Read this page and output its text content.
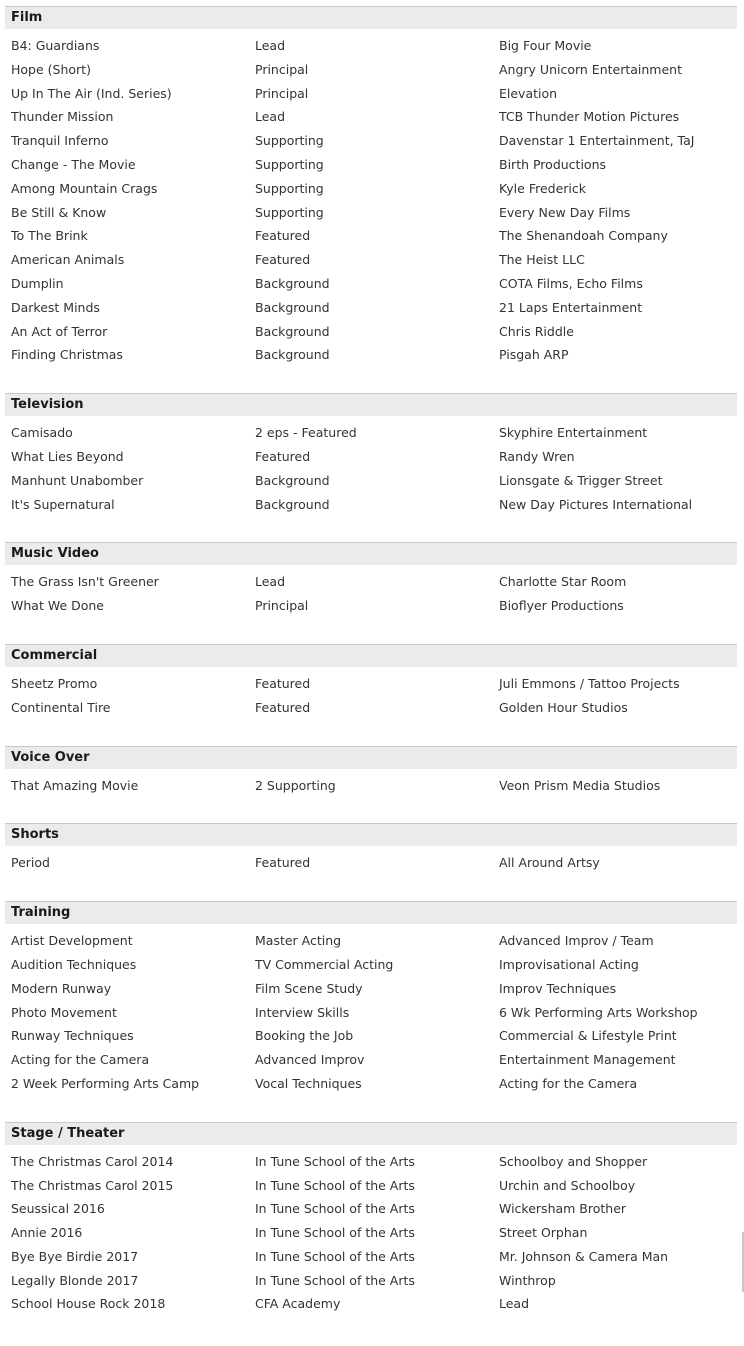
Film
B4: Guardians	Lead	Big Four Movie
Hope (Short)	Principal	Angry Unicorn Entertainment
Up In The Air (Ind. Series)	Principal	Elevation
Thunder Mission	Lead	TCB Thunder Motion Pictures
Tranquil Inferno	Supporting	Davenstar 1 Entertainment, TaJ
Change - The Movie	Supporting	Birth Productions
Among Mountain Crags	Supporting	Kyle Frederick
Be Still & Know	Supporting	Every New Day Films
To The Brink	Featured	The Shenandoah Company
American Animals	Featured	The Heist LLC
Dumplin	Background	COTA Films, Echo Films
Darkest Minds	Background	21 Laps Entertainment
An Act of Terror	Background	Chris Riddle
Finding Christmas	Background	Pisgah ARP
Television
Camisado	2 eps - Featured	Skyphire Entertainment
What Lies Beyond	Featured	Randy Wren
Manhunt Unabomber	Background	Lionsgate & Trigger Street
It's Supernatural	Background	New Day Pictures International
Music Video
The Grass Isn't Greener	Lead	Charlotte Star Room
What We Done	Principal	Bioflyer Productions
Commercial
Sheetz Promo	Featured	Juli Emmons / Tattoo Projects
Continental Tire	Featured	Golden Hour Studios
Voice Over
That Amazing Movie	2 Supporting	Veon Prism Media Studios
Shorts
Period	Featured	All Around Artsy
Training
Artist Development	Master Acting	Advanced Improv / Team
Audition Techniques	TV Commercial Acting	Improvisational Acting
Modern Runway	Film Scene Study	Improv Techniques
Photo Movement	Interview Skills	6 Wk Performing Arts Workshop
Runway Techniques	Booking the Job	Commercial & Lifestyle Print
Acting for the Camera	Advanced Improv	Entertainment Management
2 Week Performing Arts Camp	Vocal Techniques	Acting for the Camera
Stage / Theater
The Christmas Carol 2014	In Tune School of the Arts	Schoolboy and Shopper
The Christmas Carol 2015	In Tune School of the Arts	Urchin and Schoolboy
Seussical 2016	In Tune School of the Arts	Wickersham Brother
Annie 2016	In Tune School of the Arts	Street Orphan
Bye Bye Birdie 2017	In Tune School of the Arts	Mr. Johnson & Camera Man
Legally Blonde 2017	In Tune School of the Arts	Winthrop
School House Rock 2018	CFA Academy	Lead
